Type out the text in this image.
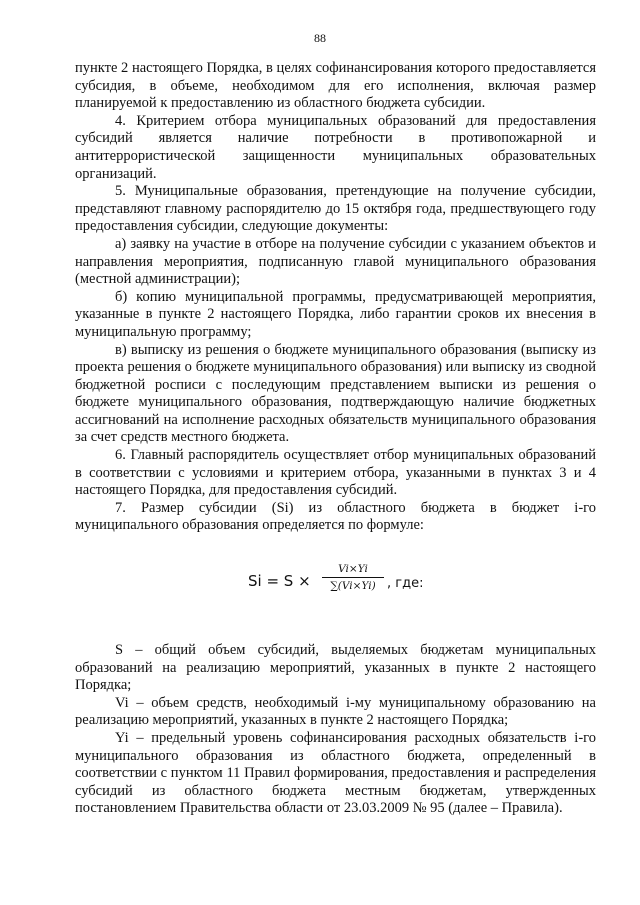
88

пункте 2 настоящего Порядка, в целях софинансирования которого предоставляется субсидия, в объеме, необходимом для его исполнения, включая размер планируемой к предоставлению из областного бюджета субсидии.

4. Критерием отбора муниципальных образований для предоставления субсидий является наличие потребности в противопожарной и антитеррористической защищенности муниципальных образовательных организаций.

5. Муниципальные образования, претендующие на получение субсидии, представляют главному распорядителю до 15 октября года, предшествующего году предоставления субсидии, следующие документы:

а) заявку на участие в отборе на получение субсидии с указанием объектов и направления мероприятия, подписанную главой муниципального образования (местной администрации);

б) копию муниципальной программы, предусматривающей мероприятия, указанные в пункте 2 настоящего Порядка, либо гарантии сроков их внесения в муниципальную программу;

в) выписку из решения о бюджете муниципального образования (выписку из проекта решения о бюджете муниципального образования) или выписку из сводной бюджетной росписи с последующим представлением выписки из решения о бюджете муниципального образования, подтверждающую наличие бюджетных ассигнований на исполнение расходных обязательств муниципального образования за счет средств местного бюджета.

6. Главный распорядитель осуществляет отбор муниципальных образований в соответствии с условиями и критерием отбора, указанными в пунктах 3 и 4 настоящего Порядка, для предоставления субсидий.

7. Размер субсидии (Si) из областного бюджета в бюджет i-го муниципального образования определяется по формуле:

Si = S ×
Vi×Yi
∑(Vi×Yi) , где:

S – общий объем субсидий, выделяемых бюджетам муниципальных образований на реализацию мероприятий, указанных в пункте 2 настоящего Порядка;

Vi – объем средств, необходимый i-му муниципальному образованию на реализацию мероприятий, указанных в пункте 2 настоящего Порядка;

Yi – предельный уровень софинансирования расходных обязательств i-го муниципального образования из областного бюджета, определенный в соответствии с пунктом 11 Правил формирования, предоставления и распределения субсидий из областного бюджета местным бюджетам, утвержденных постановлением Правительства области от 23.03.2009 № 95 (далее – Правила).
